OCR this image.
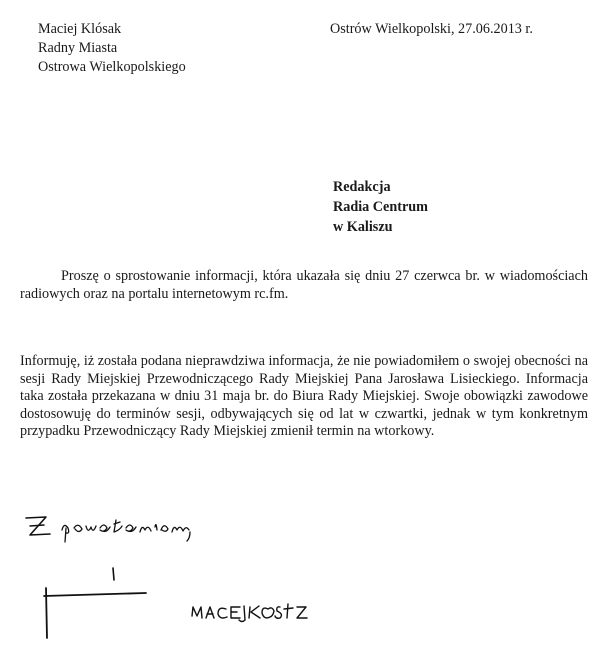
Maciej Klósak
Radny Miasta
Ostrowa Wielkopolskiego
Ostrów Wielkopolski, 27.06.2013 r.
Redakcja
Radia Centrum
w Kaliszu

Proszę o sprostowanie informacji, która ukazała się dniu 27 czerwca br. w wiadomościach radiowych oraz na portalu internetowym rc.fm.

Informuję, iż została podana nieprawdziwa informacja, że nie powiadomiłem o swojej obecności na sesji Rady Miejskiej Przewodniczącego Rady Miejskiej Pana Jarosława Lisieckiego. Informacja taka została przekazana w dniu 31 maja br. do Biura Rady Miejskiej. Swoje obowiązki zawodowe dostosowuję do terminów sesji, odbywających się od lat w czwartki, jednak w tym konkretnym przypadku Przewodniczący Rady Miejskiej zmienił termin na wtorkowy.
